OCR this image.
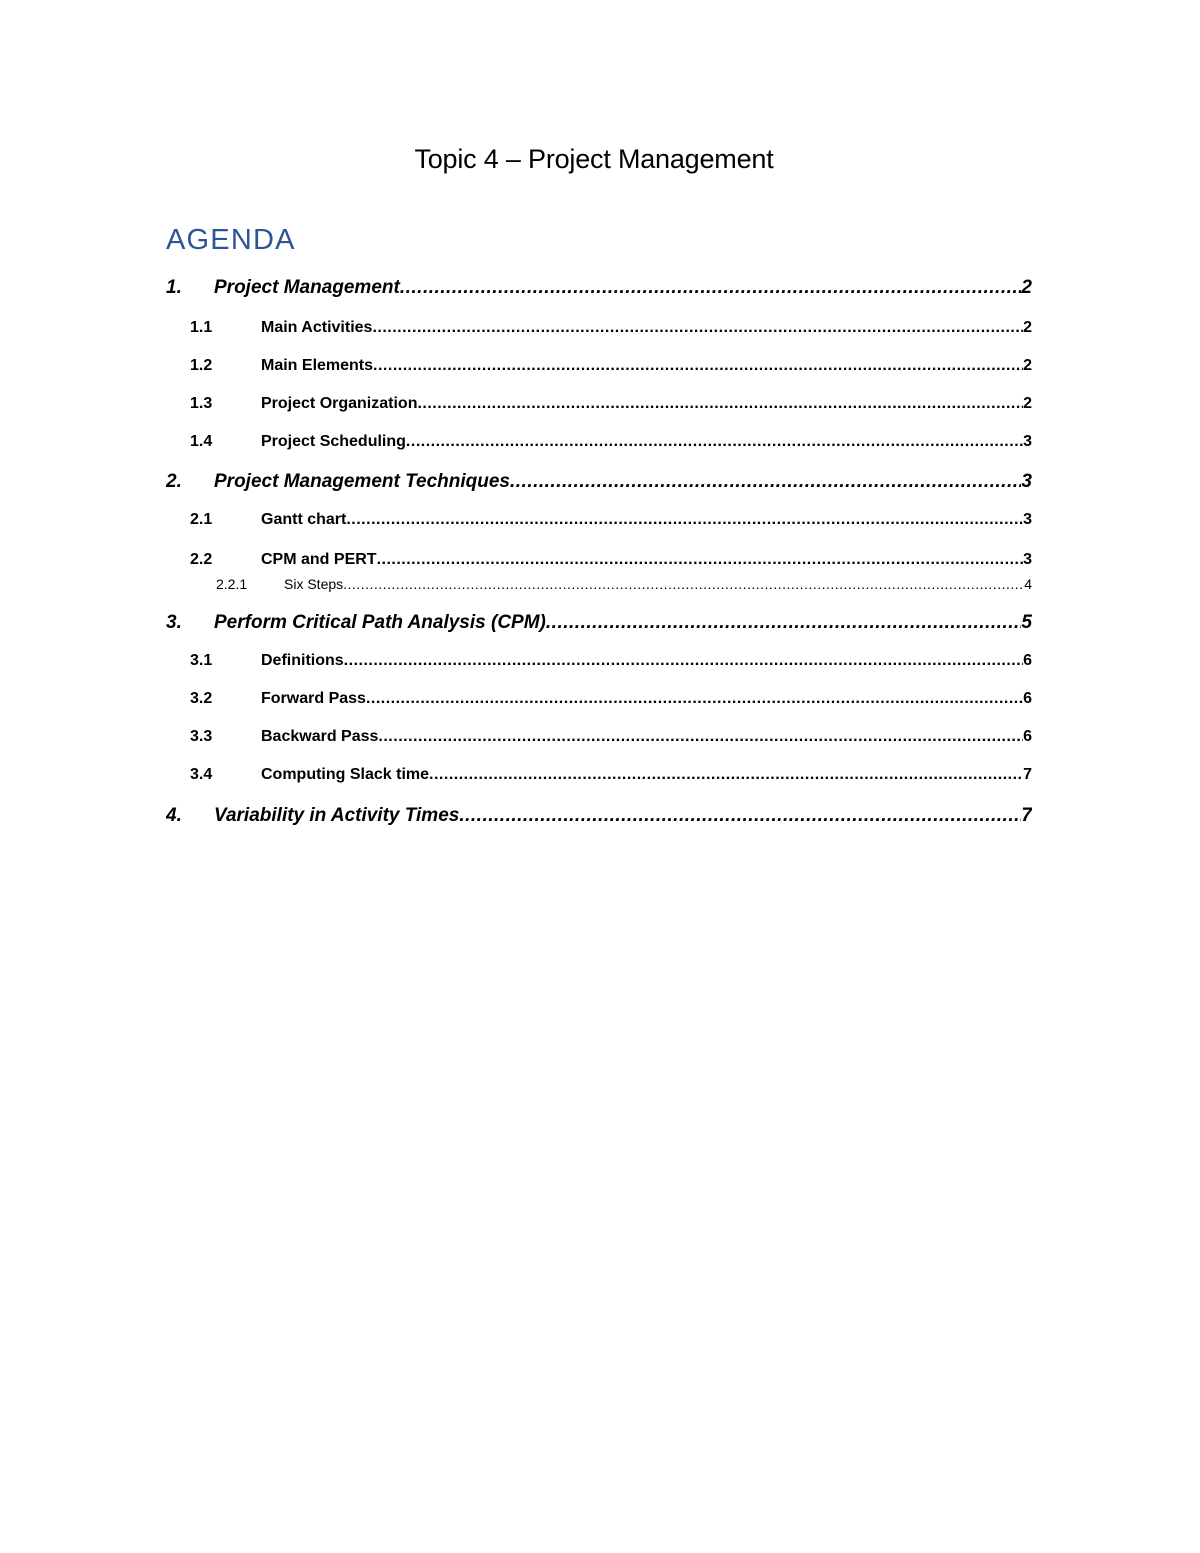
Topic 4 – Project Management
AGENDA
1.	Project Management .....	2
1.1	Main Activities .....	2
1.2	Main Elements .....	2
1.3	Project Organization .....	2
1.4	Project Scheduling .....	3
2.	Project Management Techniques .....	3
2.1	Gantt chart .....	3
2.2	CPM and PERT .....	3
2.2.1	Six Steps .....	4
3.	Perform Critical Path Analysis (CPM) .....	5
3.1	Definitions .....	6
3.2	Forward Pass .....	6
3.3	Backward Pass .....	6
3.4	Computing Slack time .....	7
4.	Variability in Activity Times .....	7
